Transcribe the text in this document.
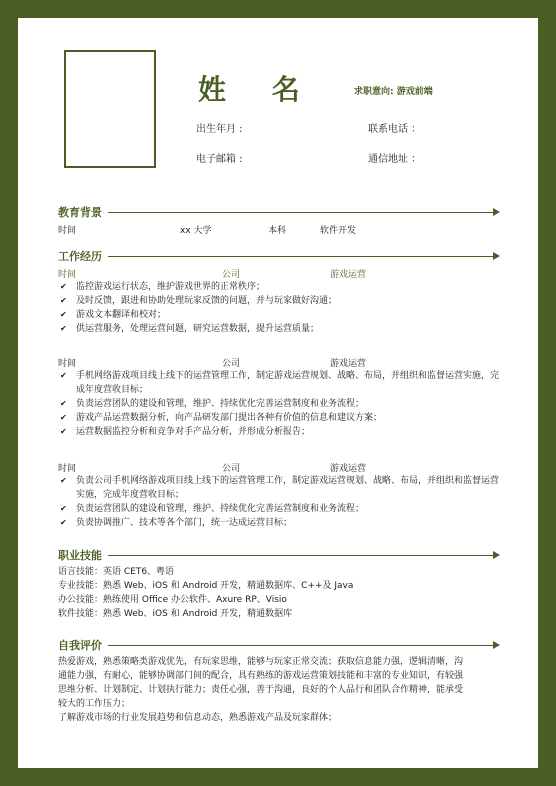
姓 名	求职意向: 游戏前端
出生年月 :	联系电话 ：
电子邮箱 :	通信地址 ：
教育背景
时间	xx 大学	本科	软件开发
工作经历
时间	公司	游戏运营
✔ 监控游戏运行状态，维护游戏世界的正常秩序；
✔ 及时反馈，跟进和协助处理玩家反馈的问题，并与玩家做好沟通；
✔ 游戏文本翻译和校对；
✔ 供运营服务，处理运营问题，研究运营数据，提升运营质量；
时间	公司	游戏运营
✔ 手机网络游戏项目线上线下的运营管理工作，制定游戏运营规划、战略、布局，并组织和监督运营实施，完成年度营收目标；
✔ 负责运营团队的建设和管理，维护、持续优化完善运营制度和业务流程；
✔ 游戏产品运营数据分析，向产品研发部门提出各种有价值的信息和建议方案；
✔ 运营数据监控分析和竞争对手产品分析，并形成分析报告；
时间	公司	游戏运营
✔ 负责公司手机网络游戏项目线上线下的运营管理工作，制定游戏运营规划、战略、布局，并组织和监督运营实施，完成年度营收目标；
✔ 负责运营团队的建设和管理，维护、持续优化完善运营制度和业务流程；
✔ 负责协调推广、技术等各个部门，统一达成运营目标；
职业技能
语言技能：英语 CET6、粤语
专业技能：熟悉 Web、iOS 和 Android 开发，精通数据库、C++及 Java
办公技能：熟练使用 Office 办公软件、Axure RP、Visio
软件技能：熟悉 Web、iOS 和 Android 开发，精通数据库
自我评价
热爱游戏，熟悉策略类游戏优先，有玩家思维，能够与玩家正常交流；获取信息能力强，逻辑清晰，沟
通能力强，有耐心，能够协调部门间的配合，具有熟练的游戏运营策划技能和丰富的专业知识，有较强
思维分析、计划制定、计划执行能力；责任心强，善于沟通，良好的个人品行和团队合作精神，能承受
较大的工作压力；
了解游戏市场的行业发展趋势和信息动态，熟悉游戏产品及玩家群体；
